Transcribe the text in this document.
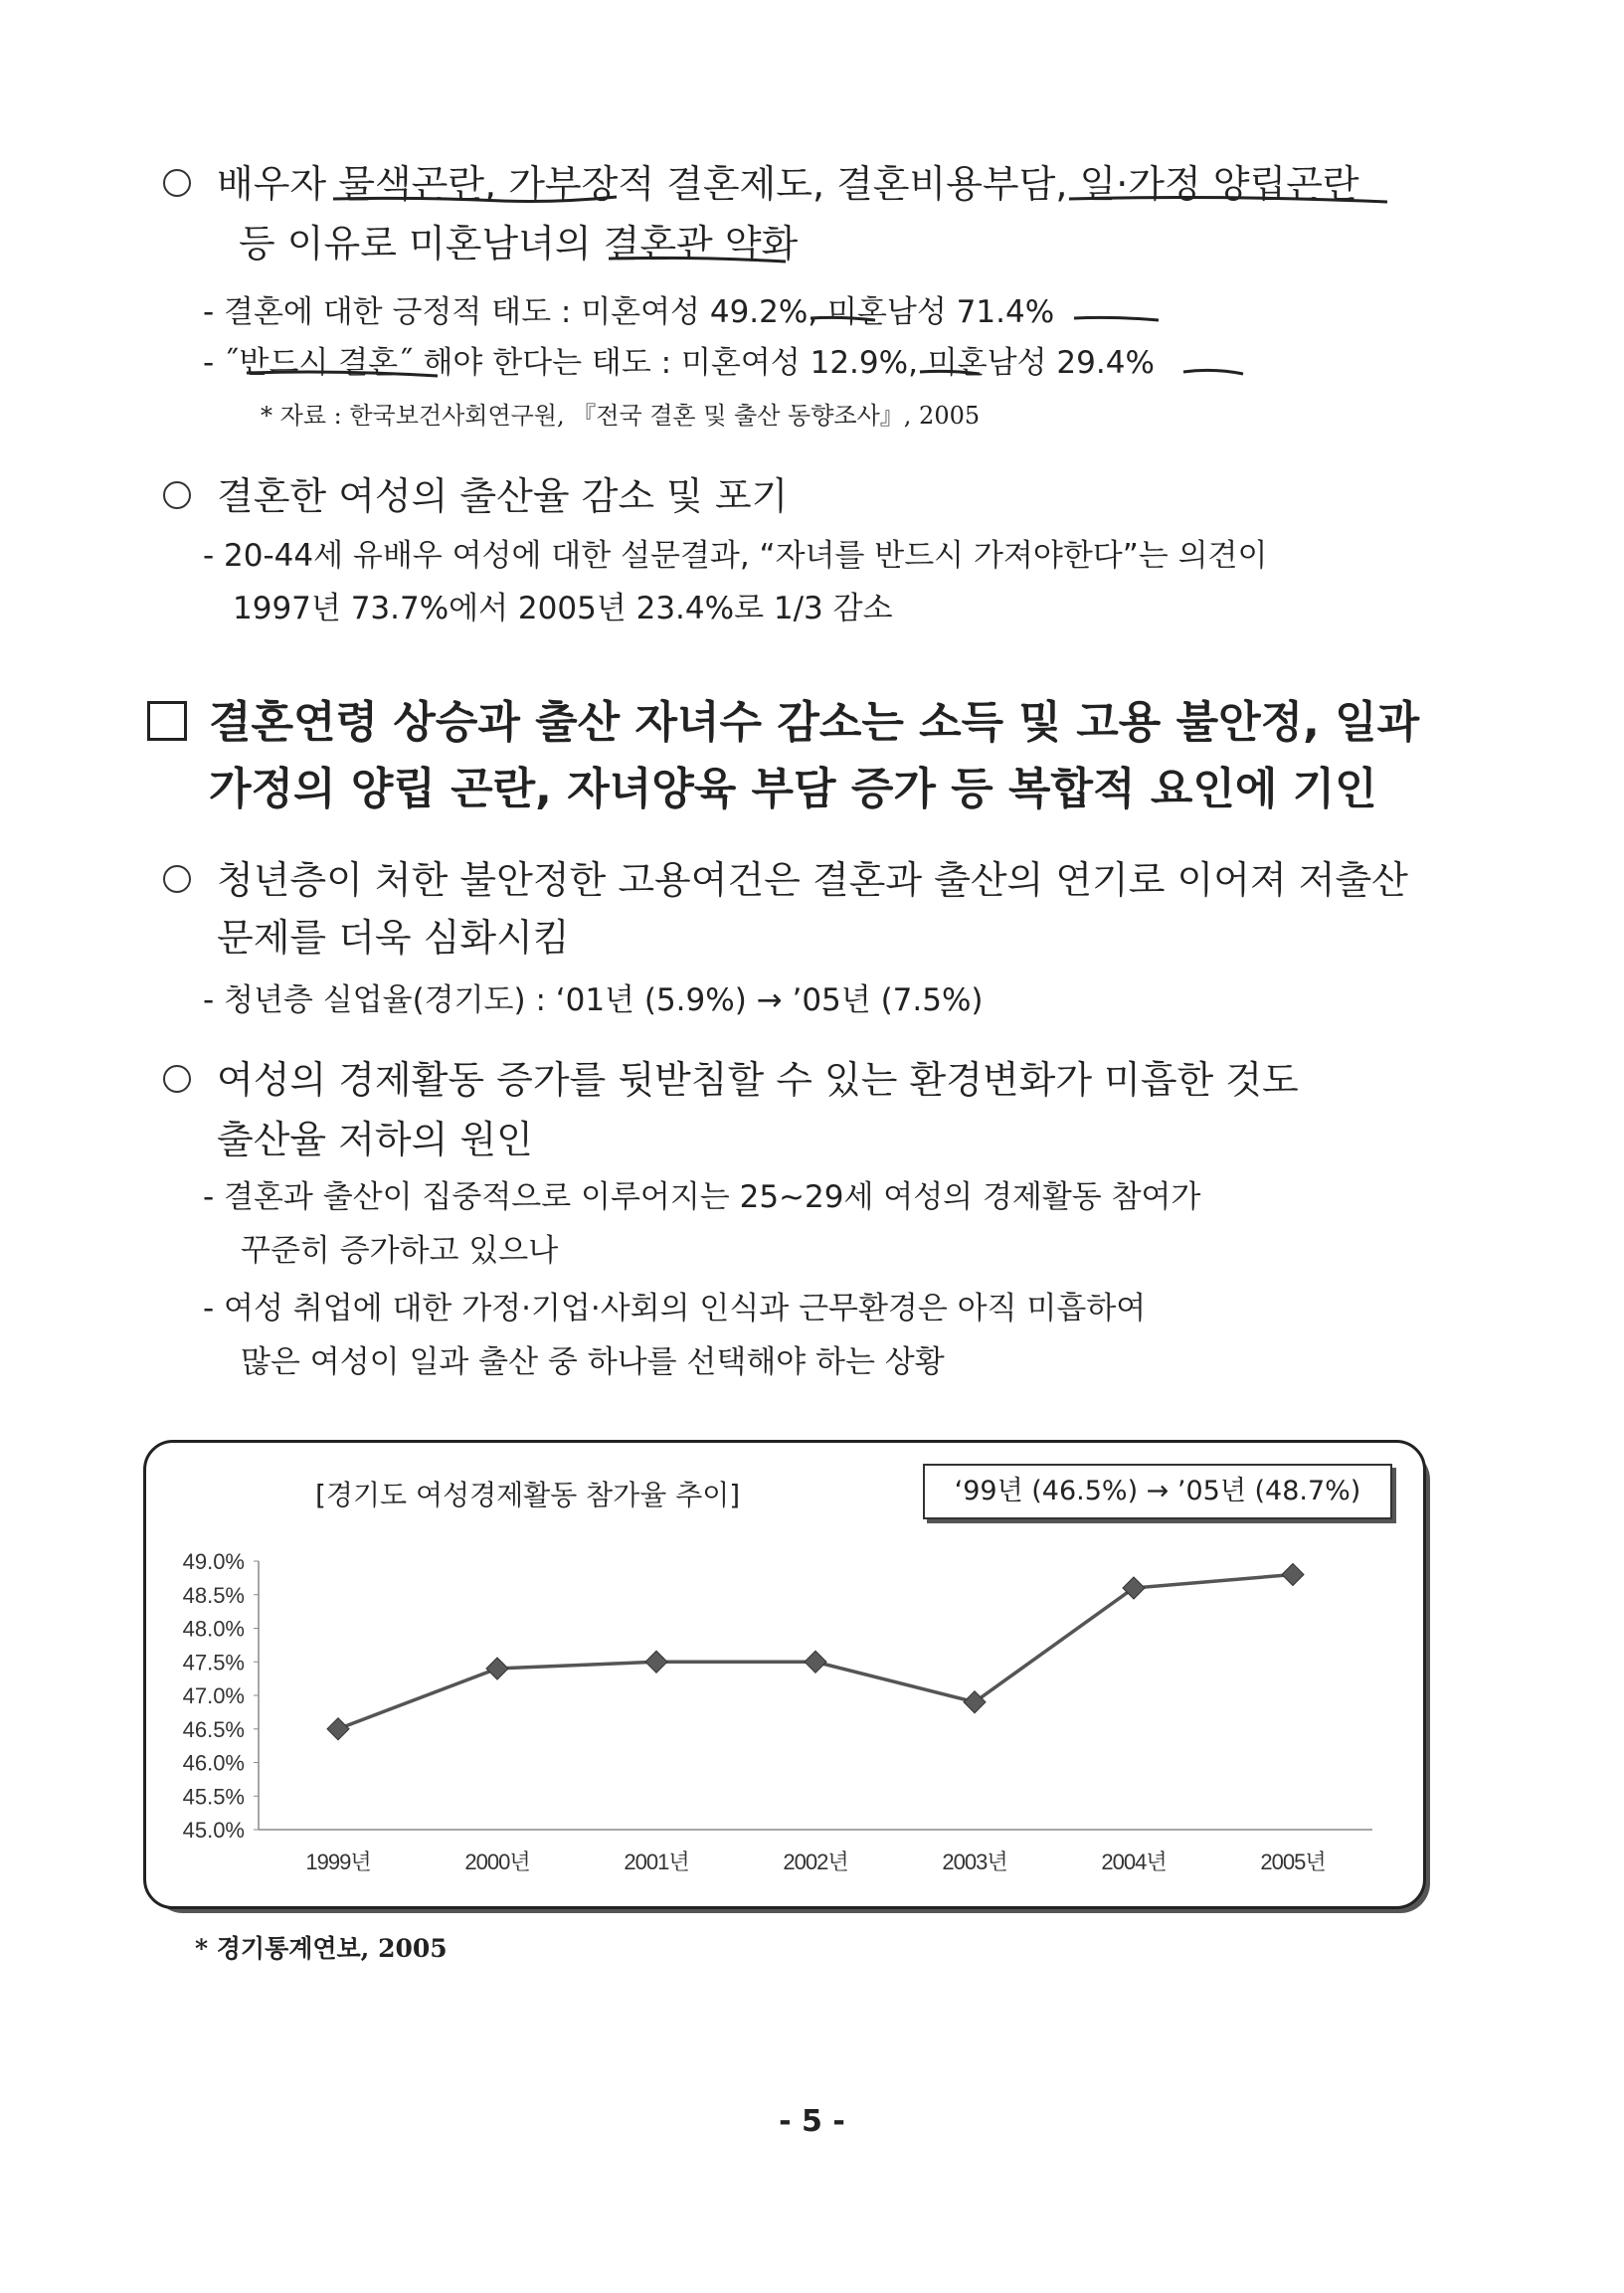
배우자 물색곤란, 가부장적 결혼제도, 결혼비용부담, 일·가정 양립곤란
등 이유로 미혼남녀의 결혼관 약화
- 결혼에 대한 긍정적 태도 : 미혼여성 49.2%, 미혼남성 71.4%
- ˝반드시 결혼˝ 해야 한다는 태도 : 미혼여성 12.9%, 미혼남성 29.4%
* 자료 : 한국보건사회연구원, 『전국 결혼 및 출산 동향조사』, 2005
결혼한 여성의 출산율 감소 및 포기
- 20-44세 유배우 여성에 대한 설문결과, “자녀를 반드시 가져야한다”는 의견이
1997년 73.7%에서 2005년 23.4%로 1/3 감소
결혼연령 상승과 출산 자녀수 감소는 소득 및 고용 불안정, 일과
가정의 양립 곤란, 자녀양육 부담 증가 등 복합적 요인에 기인
청년층이 처한 불안정한 고용여건은 결혼과 출산의 연기로 이어져 저출산
문제를 더욱 심화시킴
- 청년층 실업율(경기도) : ‘01년 (5.9%) → ’05년 (7.5%)
여성의 경제활동 증가를 뒷받침할 수 있는 환경변화가 미흡한 것도
출산율 저하의 원인
- 결혼과 출산이 집중적으로 이루어지는 25~29세 여성의 경제활동 참여가
꾸준히 증가하고 있으나
- 여성 취업에 대한 가정·기업·사회의 인식과 근무환경은 아직 미흡하여
많은 여성이 일과 출산 중 하나를 선택해야 하는 상황
[경기도 여성경제활동 참가율 추이]	‘99년 (46.5%) → ’05년 (48.7%)
49.0%
48.5%
48.0%
47.5%
47.0%
46.5%
46.0%
45.5%
45.0%
1999년	2000년	2001년	2002년	2003년	2004년	2005년
* 경기통계연보, 2005
- 5 -
